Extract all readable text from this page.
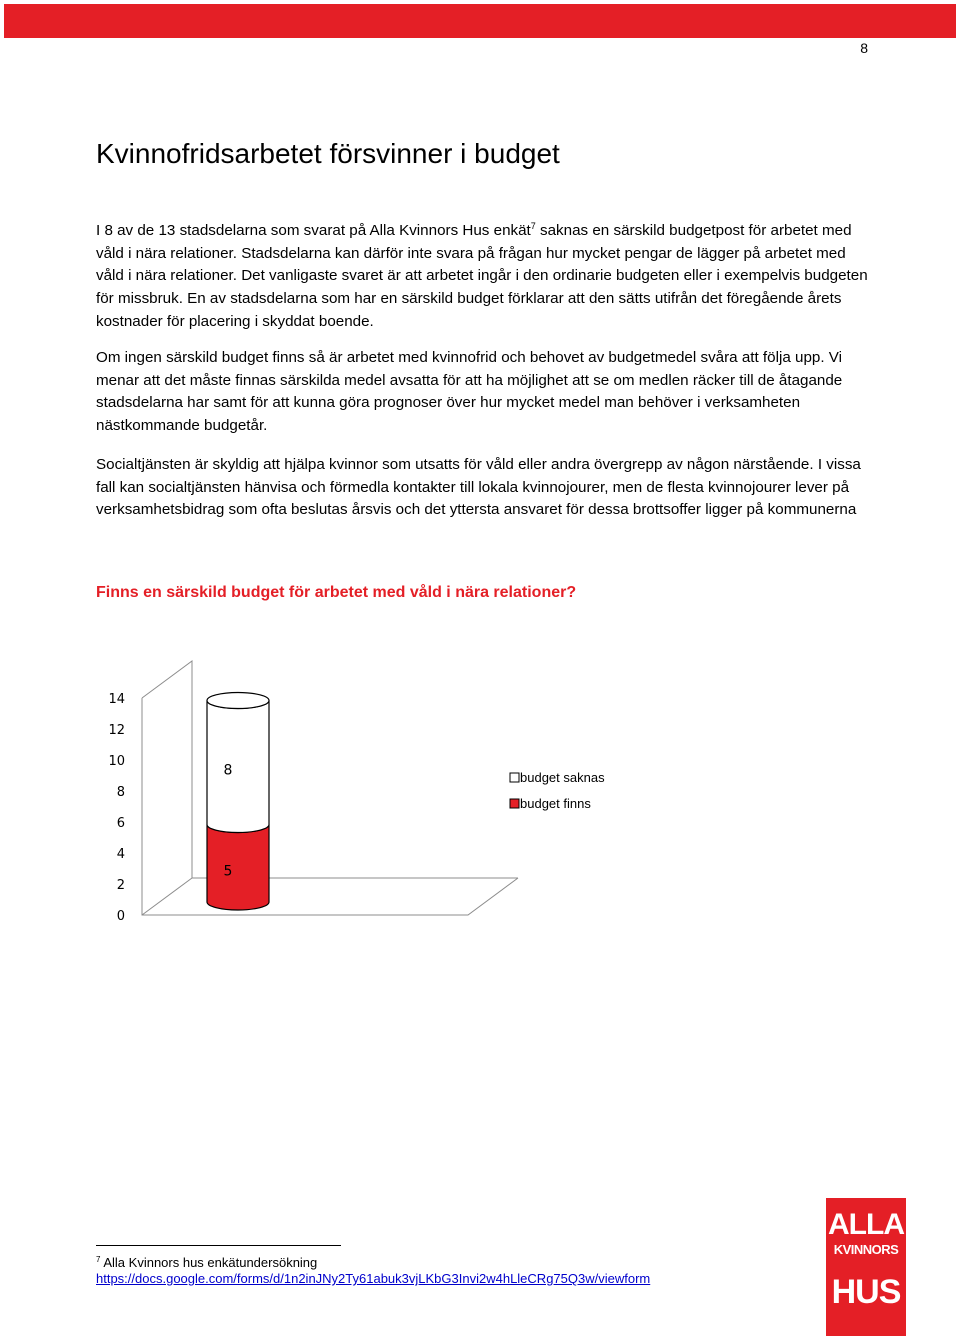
8
Kvinnofridsarbetet försvinner i budget

I 8 av de 13 stadsdelarna som svarat på Alla Kvinnors Hus enkät$^7$ saknas en särskild budgetpost för arbetet med våld i nära relationer. Stadsdelarna kan därför inte svara på frågan hur mycket pengar de lägger på arbetet med våld i nära relationer. Det vanligaste svaret är att arbetet ingår i den ordinarie budgeten eller i exempelvis budgeten för missbruk. En av stadsdelarna som har en särskild budget förklarar att den sätts utifrån det föregående årets kostnader för placering i skyddat boende.

Om ingen särskild budget finns så är arbetet med kvinnofrid och behovet av budgetmedel svåra att följa upp. Vi menar att det måste finnas särskilda medel avsatta för att ha möjlighet att se om medlen räcker till de åtagande stadsdelarna har samt för att kunna göra prognoser över hur mycket medel man behöver i verksamheten nästkommande budgetår.

Socialtjänsten är skyldig att hjälpa kvinnor som utsatts för våld eller andra övergrepp av någon närstående. I vissa fall kan socialtjänsten hänvisa och förmedla kontakter till lokala kvinnojourer, men de flesta kvinnojourer lever på verksamhetsbidrag som ofta beslutas årsvis och det yttersta ansvaret för dessa brottsoffer ligger på kommunerna

Finns en särskild budget för arbetet med våld i nära relationer?
0
2
4
6
8
10
12
14
5
8	budget saknas
budget finns
$^7$ Alla Kvinnors hus enkätundersökning
https://docs.google.com/forms/d/1n2inJNy2Ty61abuk3vjLKbG3Invi2w4hLleCRg75Q3w/viewform
ALLA
KVINNORS
HUS
